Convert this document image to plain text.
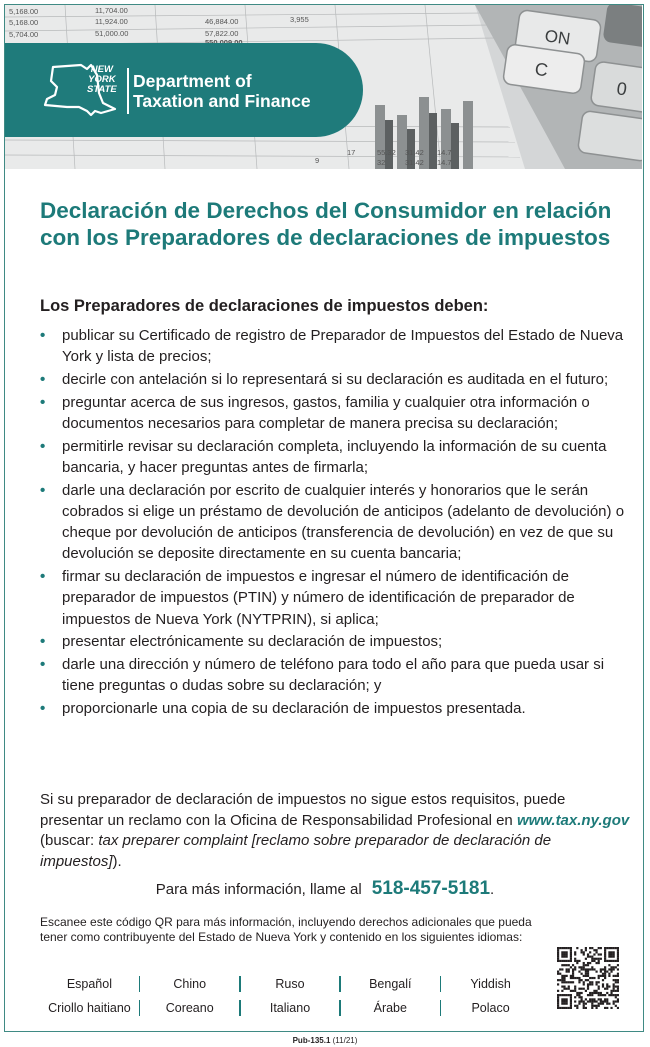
5,168.00	11,704.00
5,168.00	11,924.00
5,704.00	51,000.00
46,884.00
57,822.00
3,955
9
17	55.32 31.42 14.7
31.42 14.7
32
ON
C
0
NEW
YORK
STATE Department of
Taxation and Finance
Declaración de Derechos del Consumidor en relación con los Preparadores de declaraciones de impuestos

Los Preparadores de declaraciones de impuestos deben:

• publicar su Certificado de registro de Preparador de Impuestos del Estado de Nueva York y lista de precios;
• decirle con antelación si lo representará si su declaración es auditada en el futuro;
• preguntar acerca de sus ingresos, gastos, familia y cualquier otra información o documentos necesarios para completar de manera precisa su declaración;
• permitirle revisar su declaración completa, incluyendo la información de su cuenta bancaria, y hacer preguntas antes de firmarla;
• darle una declaración por escrito de cualquier interés y honorarios que le serán cobrados si elige un préstamo de devolución de anticipos (adelanto de devolución) o cheque por devolución de anticipos (transferencia de devolución) en vez de que su devolución se deposite directamente en su cuenta bancaria;
• firmar su declaración de impuestos e ingresar el número de identificación de preparador de impuestos (PTIN) y número de identificación de preparador de impuestos de Nueva York (NYTPRIN), si aplica;
• presentar electrónicamente su declaración de impuestos;
• darle una dirección y número de teléfono para todo el año para que pueda usar si tiene preguntas o dudas sobre su declaración; y
• proporcionarle una copia de su declaración de impuestos presentada.

Si su preparador de declaración de impuestos no sigue estos requisitos, puede presentar un reclamo con la Oficina de Responsabilidad Profesional en www.tax.ny.gov (buscar: tax preparer complaint [reclamo sobre preparador de declaración de impuestos]).

Para más información, llame al 518-457-5181.

Escanee este código QR para más información, incluyendo derechos adicionales que pueda tener como contribuyente del Estado de Nueva York y contenido en los siguientes idiomas:

Español	Chino	Ruso	Bengalí	Yiddish
Criollo haitiano	Coreano	Italiano	Árabe	Polaco
Pub-135.1 (11/21)
